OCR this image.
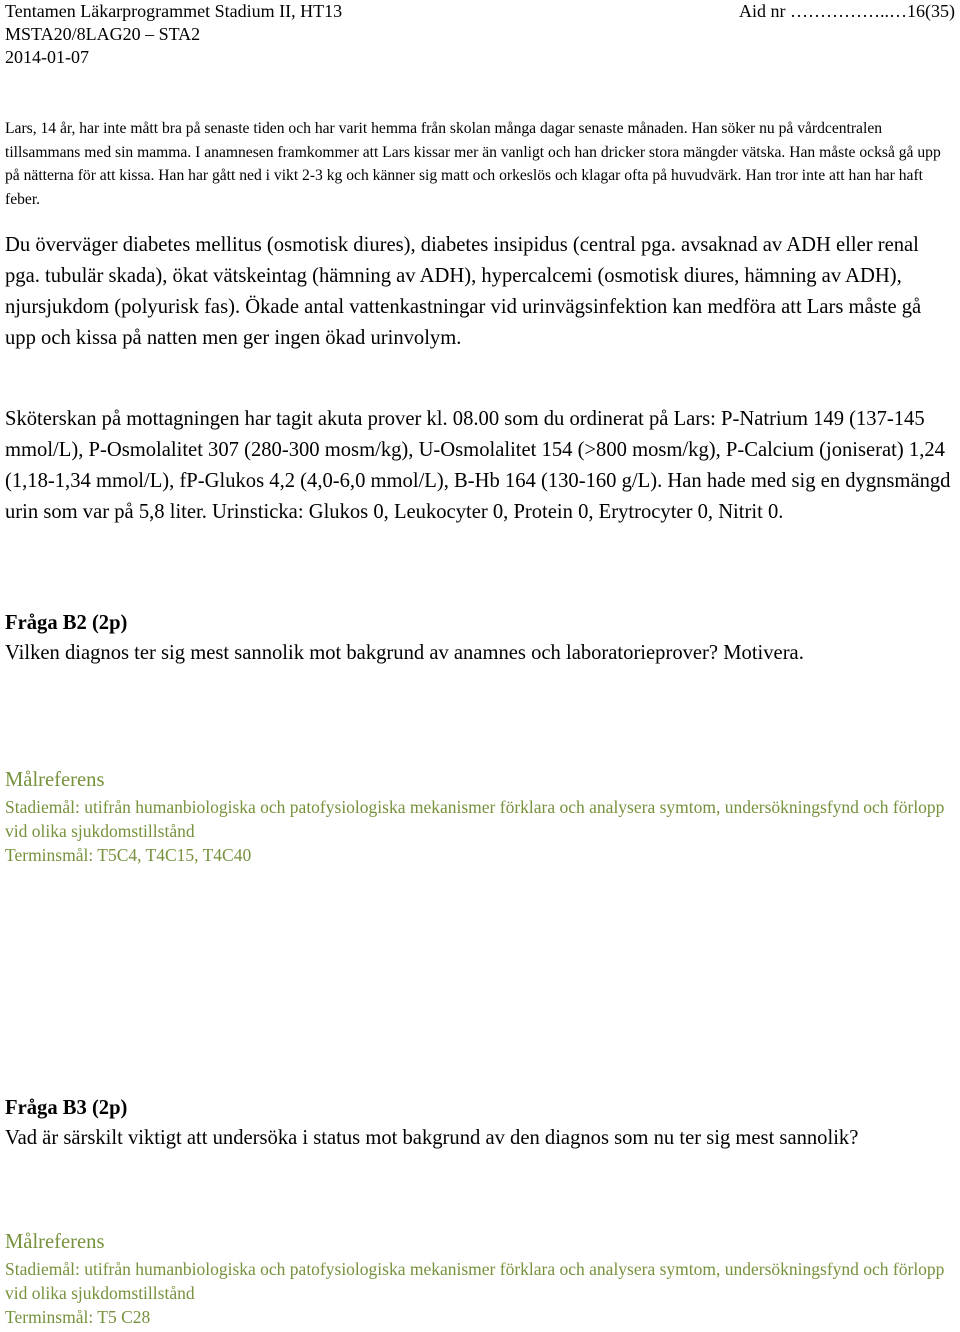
Tentamen Läkarprogrammet Stadium II, HT13
MSTA20/8LAG20 – STA2
2014-01-07
Aid nr ……………..…16(35)
Lars, 14 år, har inte mått bra på senaste tiden och har varit hemma från skolan många dagar senaste månaden. Han söker nu på vårdcentralen tillsammans med sin mamma. I anamnesen framkommer att Lars kissar mer än vanligt och han dricker stora mängder vätska. Han måste också gå upp på nätterna för att kissa. Han har gått ned i vikt 2-3 kg och känner sig matt och orkeslös och klagar ofta på huvudvärk. Han tror inte att han har haft feber.
Du överväger diabetes mellitus (osmotisk diures), diabetes insipidus (central pga. avsaknad av ADH eller renal pga. tubulär skada), ökat vätskeintag (hämning av ADH), hypercalcemi (osmotisk diures, hämning av ADH), njursjukdom (polyurisk fas). Ökade antal vattenkastningar vid urinvägsinfektion kan medföra att Lars måste gå upp och kissa på natten men ger ingen ökad urinvolym.
Sköterskan på mottagningen har tagit akuta prover kl. 08.00 som du ordinerat på Lars: P-Natrium 149 (137-145 mmol/L), P-Osmolalitet 307 (280-300 mosm/kg), U-Osmolalitet 154 (>800 mosm/kg), P-Calcium (joniserat) 1,24 (1,18-1,34 mmol/L), fP-Glukos 4,2 (4,0-6,0 mmol/L), B-Hb 164 (130-160 g/L). Han hade med sig en dygnsmängd urin som var på 5,8 liter. Urinsticka: Glukos 0, Leukocyter 0, Protein 0, Erytrocyter 0, Nitrit 0.
Fråga B2 (2p)
Vilken diagnos ter sig mest sannolik mot bakgrund av anamnes och laboratorieprover? Motivera.
Målreferens
Stadiemål: utifrån humanbiologiska och patofysiologiska mekanismer förklara och analysera symtom, undersökningsfynd och förlopp vid olika sjukdomstillstånd
Terminsmål: T5C4, T4C15, T4C40
Fråga B3 (2p)
Vad är särskilt viktigt att undersöka i status mot bakgrund av den diagnos som nu ter sig mest sannolik?
Målreferens
Stadiemål: utifrån humanbiologiska och patofysiologiska mekanismer förklara och analysera symtom, undersökningsfynd och förlopp vid olika sjukdomstillstånd
Terminsmål: T5 C28
